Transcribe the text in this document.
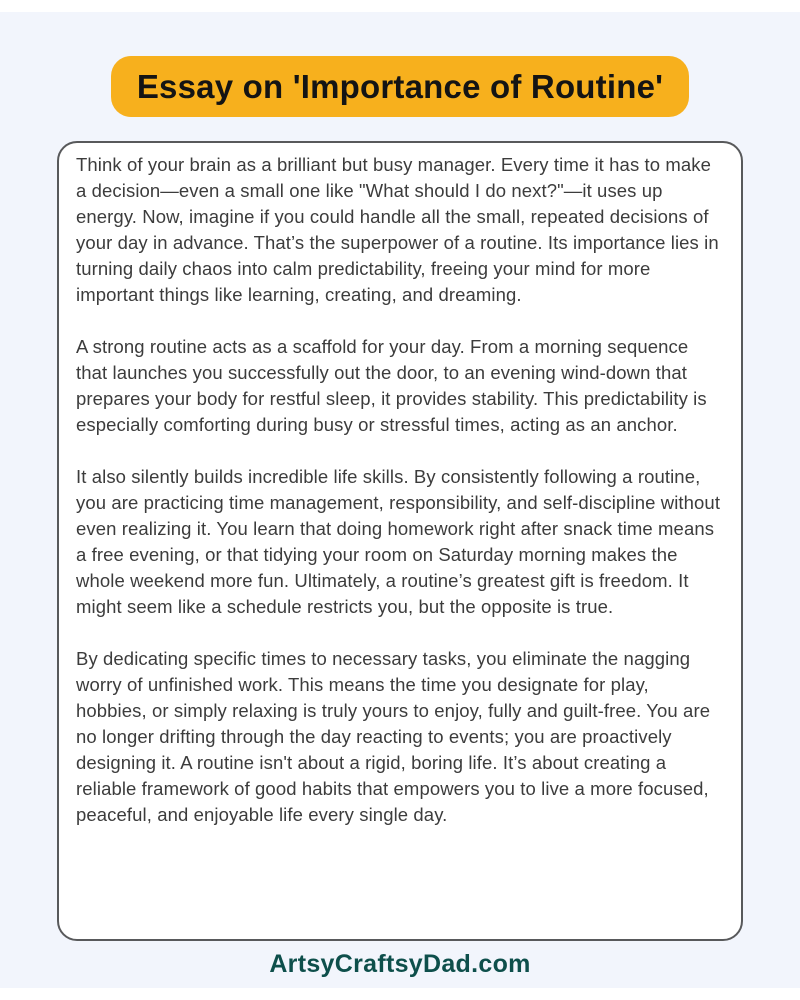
Essay on 'Importance of Routine'

Think of your brain as a brilliant but busy manager. Every time it has to make a decision—even a small one like "What should I do next?"—it uses up energy. Now, imagine if you could handle all the small, repeated decisions of your day in advance. That’s the superpower of a routine. Its importance lies in turning daily chaos into calm predictability, freeing your mind for more important things like learning, creating, and dreaming.

A strong routine acts as a scaffold for your day. From a morning sequence that launches you successfully out the door, to an evening wind-down that prepares your body for restful sleep, it provides stability. This predictability is especially comforting during busy or stressful times, acting as an anchor.

It also silently builds incredible life skills. By consistently following a routine, you are practicing time management, responsibility, and self-discipline without even realizing it. You learn that doing homework right after snack time means a free evening, or that tidying your room on Saturday morning makes the whole weekend more fun. Ultimately, a routine’s greatest gift is freedom. It might seem like a schedule restricts you, but the opposite is true.

By dedicating specific times to necessary tasks, you eliminate the nagging worry of unfinished work. This means the time you designate for play, hobbies, or simply relaxing is truly yours to enjoy, fully and guilt-free. You are no longer drifting through the day reacting to events; you are proactively designing it. A routine isn't about a rigid, boring life. It’s about creating a reliable framework of good habits that empowers you to live a more focused, peaceful, and enjoyable life every single day.

ArtsyCraftsyDad.com
